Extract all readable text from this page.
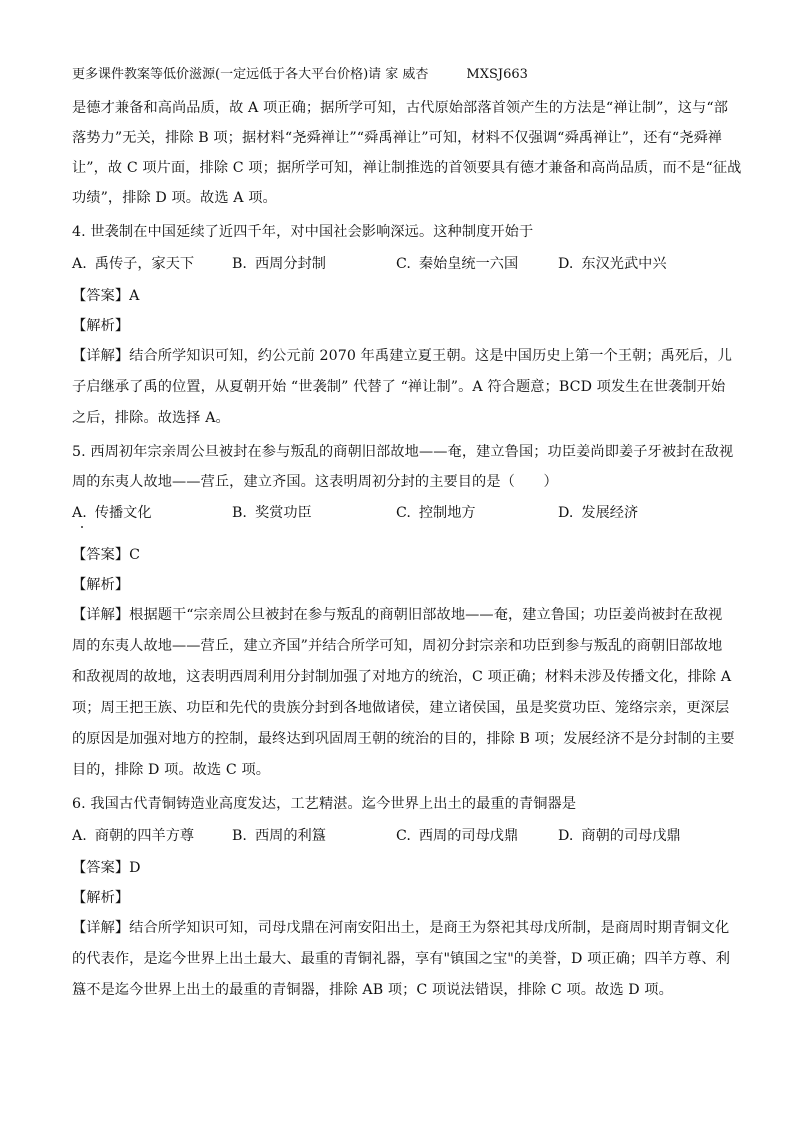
更多课件教案等低价滋源(一定远低于各大平台价格)请 家 威杏	MXSJ663
是德才兼备和高尚品质，故 A 项正确；据所学可知，古代原始部落首领产生的方法是“禅让制”，这与“部
落势力”无关，排除 B 项；据材料“尧舜禅让”“舜禹禅让”可知，材料不仅强调“舜禹禅让”，还有“尧舜禅
让”，故 C 项片面，排除 C 项；据所学可知，禅让制推选的首领要具有德才兼备和高尚品质，而不是“征战
功绩”，排除 D 项。故选 A 项。
4. 世袭制在中国延续了近四千年，对中国社会影响深远。这种制度开始于
A. 禹传子，家天下	B. 西周分封制	C. 秦始皇统一六国	D. 东汉光武中兴
【答案】A
【解析】
【详解】结合所学知识可知，约公元前 2070 年禹建立夏王朝。这是中国历史上第一个王朝；禹死后，儿
子启继承了禹的位置，从夏朝开始 “世袭制” 代替了 “禅让制”。A 符合题意；BCD 项发生在世袭制开始
之后，排除。故选择 A。
5. 西周初年宗亲周公旦被封在参与叛乱的商朝旧部故地——奄，建立鲁国；功臣姜尚即姜子牙被封在敌视
周的东夷人故地——营丘，建立齐国。这表明周初分封的主要目的是（　　）
A. 传播文化	B. 奖赏功臣	C. 控制地方	D. 发展经济
【答案】C
【解析】
【详解】根据题干“宗亲周公旦被封在参与叛乱的商朝旧部故地——奄，建立鲁国；功臣姜尚被封在敌视
周的东夷人故地——营丘，建立齐国”并结合所学可知，周初分封宗亲和功臣到参与叛乱的商朝旧部故地
和敌视周的故地，这表明西周利用分封制加强了对地方的统治，C 项正确；材料未涉及传播文化，排除 A
项；周王把王族、功臣和先代的贵族分封到各地做诸侯，建立诸侯国，虽是奖赏功臣、笼络宗亲，更深层
的原因是加强对地方的控制，最终达到巩固周王朝的统治的目的，排除 B 项；发展经济不是分封制的主要
目的，排除 D 项。故选 C 项。
6. 我国古代青铜铸造业高度发达，工艺精湛。迄今世界上出土的最重的青铜器是
A. 商朝的四羊方尊	B. 西周的利簋	C. 西周的司母戊鼎	D. 商朝的司母戊鼎
【答案】D
【解析】
【详解】结合所学知识可知，司母戊鼎在河南安阳出土，是商王为祭祀其母戊所制，是商周时期青铜文化
的代表作，是迄今世界上出土最大、最重的青铜礼器，享有"镇国之宝"的美誉，D 项正确；四羊方尊、利
簋不是迄今世界上出土的最重的青铜器，排除 AB 项；C 项说法错误，排除 C 项。故选 D 项。
